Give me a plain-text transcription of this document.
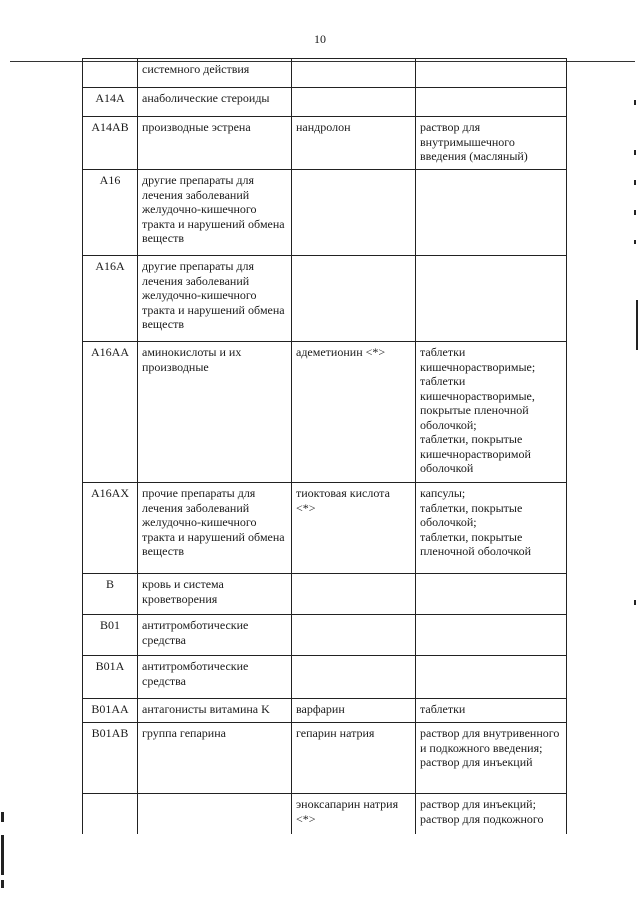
10
	системного действия		
A14A	анаболические стероиды		
A14AB	производные эстрена	нандролон	раствор для внутримышечного введения (масляный)
A16	другие препараты для лечения заболеваний желудочно-кишечного тракта и нарушений обмена веществ		
A16A	другие препараты для лечения заболеваний желудочно-кишечного тракта и нарушений обмена веществ		
A16AA	аминокислоты и их производные	адеметионин <*>	таблетки кишечнорастворимые;
таблетки кишечнорастворимые, покрытые пленочной оболочкой;
таблетки, покрытые кишечнорастворимой оболочкой
A16AX	прочие препараты для лечения заболеваний желудочно-кишечного тракта и нарушений обмена веществ	тиоктовая кислота <*>	капсулы;
таблетки, покрытые оболочкой;
таблетки, покрытые пленочной оболочкой
B	кровь и система кроветворения		
B01	антитромботические средства		
B01A	антитромботические средства		
B01AA	антагонисты витамина K	варфарин	таблетки
B01AB	группа гепарина	гепарин натрия	раствор для внутривенного и подкожного введения;
раствор для инъекций
		эноксапарин натрия <*>	раствор для инъекций;
раствор для подкожного
